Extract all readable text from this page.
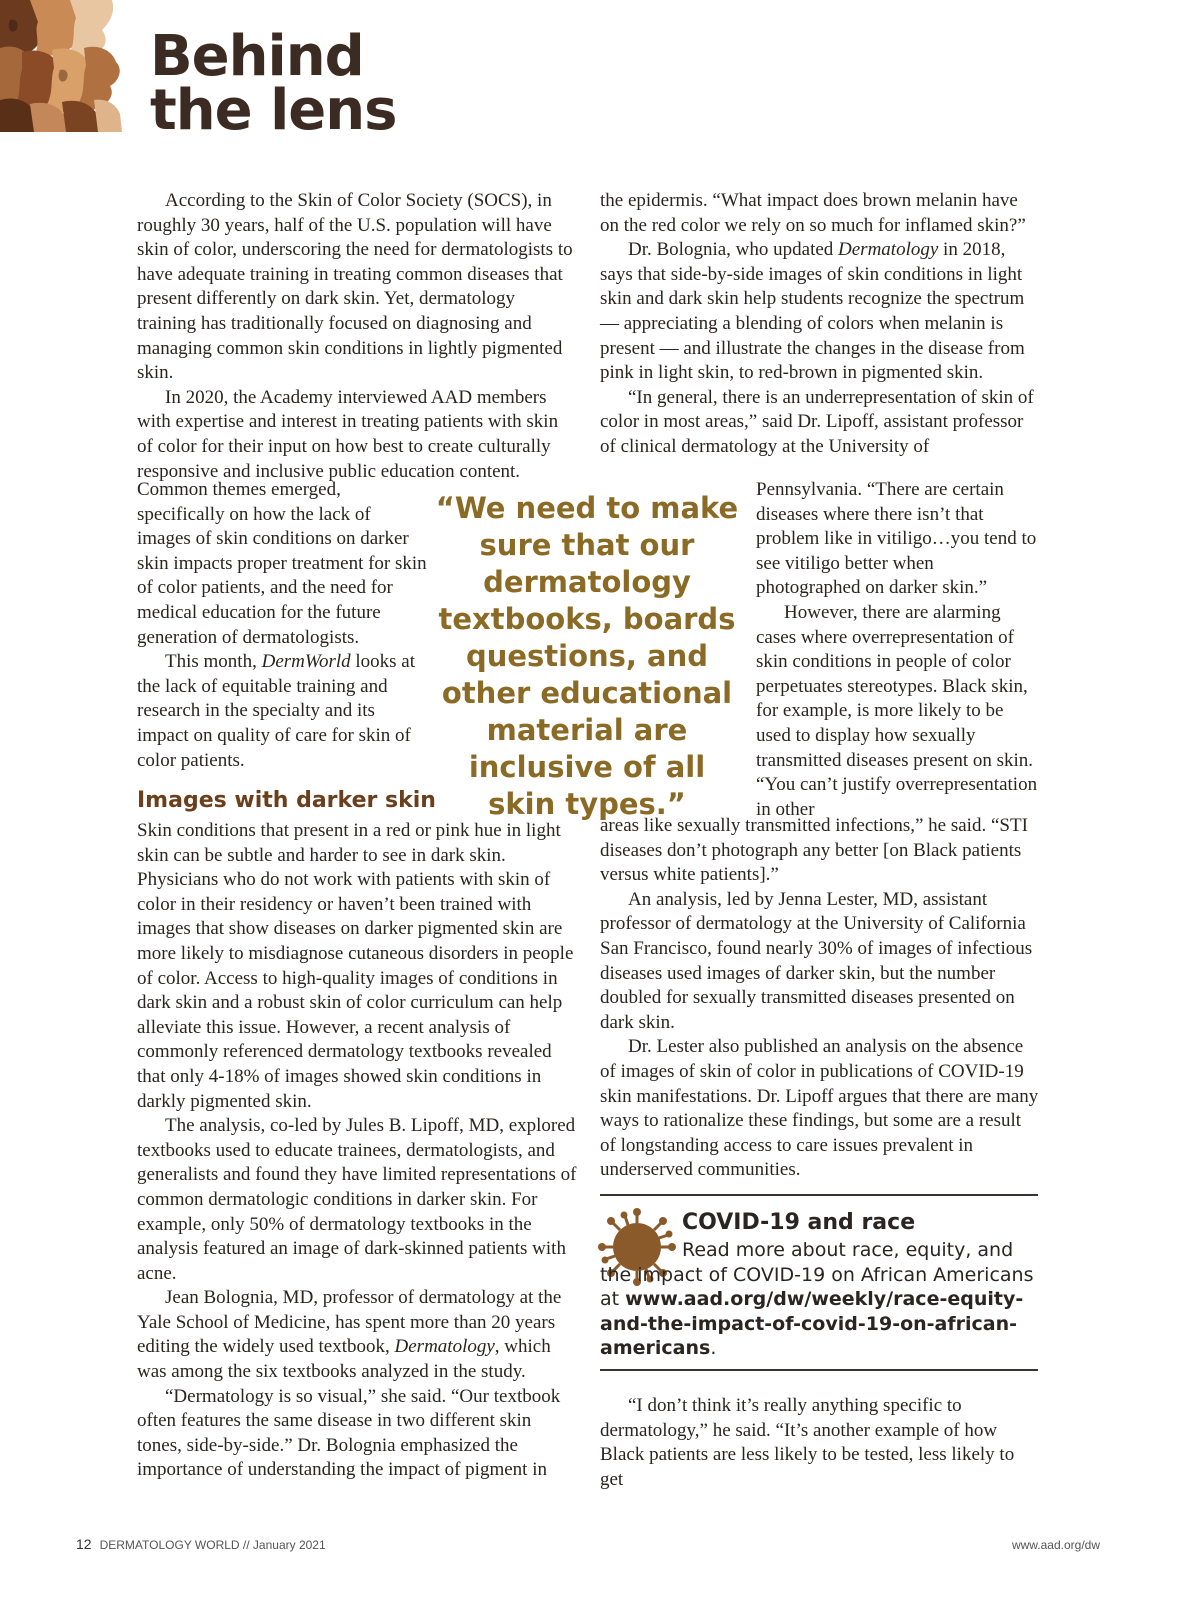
Behind
the lens

According to the Skin of Color Society (SOCS), in roughly 30 years, half of the U.S. population will have skin of color, underscoring the need for dermatologists to have adequate training in treating common diseases that present differently on dark skin. Yet, dermatology training has traditionally focused on diagnosing and managing common skin conditions in lightly pigmented skin.

In 2020, the Academy interviewed AAD members with expertise and interest in treating patients with skin of color for their input on how best to create culturally responsive and inclusive public education content.

Common themes emerged, specifically on how the lack of images of skin conditions on darker skin impacts proper treatment for skin of color patients, and the need for medical education for the future generation of dermatologists.

This month, DermWorld looks at the lack of equitable training and research in the specialty and its impact on quality of care for skin of color patients.

“We need to make sure that our dermatology textbooks, boards questions, and other educational material are inclusive of all skin types.”
Images with darker skin

Skin conditions that present in a red or pink hue in light skin can be subtle and harder to see in dark skin. Physicians who do not work with patients with skin of color in their residency or haven’t been trained with images that show diseases on darker pigmented skin are more likely to misdiagnose cutaneous disorders in people of color. Access to high-quality images of conditions in dark skin and a robust skin of color curriculum can help alleviate this issue. However, a recent analysis of commonly referenced dermatology textbooks revealed that only 4-18% of images showed skin conditions in darkly pigmented skin.

The analysis, co-led by Jules B. Lipoff, MD, explored textbooks used to educate trainees, dermatologists, and generalists and found they have limited representations of common dermatologic conditions in darker skin. For example, only 50% of dermatology textbooks in the analysis featured an image of dark-skinned patients with acne.

Jean Bolognia, MD, professor of dermatology at the Yale School of Medicine, has spent more than 20 years editing the widely used textbook, Dermatology, which was among the six textbooks analyzed in the study.

“Dermatology is so visual,” she said. “Our textbook often features the same disease in two different skin tones, side-by-side.” Dr. Bolognia emphasized the importance of understanding the impact of pigment in

the epidermis. “What impact does brown melanin have on the red color we rely on so much for inflamed skin?”

Dr. Bolognia, who updated Dermatology in 2018, says that side-by-side images of skin conditions in light skin and dark skin help students recognize the spectrum — appreciating a blending of colors when melanin is present — and illustrate the changes in the disease from pink in light skin, to red-brown in pigmented skin.

“In general, there is an underrepresentation of skin of color in most areas,” said Dr. Lipoff, assistant professor of clinical dermatology at the University of

Pennsylvania. “There are certain diseases where there isn’t that problem like in vitiligo…you tend to see vitiligo better when photographed on darker skin.”

However, there are alarming cases where overrepresentation of skin conditions in people of color perpetuates stereotypes. Black skin, for example, is more likely to be used to display how sexually transmitted diseases present on skin. “You can’t justify overrepresentation in other

areas like sexually transmitted infections,” he said. “STI diseases don’t photograph any better [on Black patients versus white patients].”

An analysis, led by Jenna Lester, MD, assistant professor of dermatology at the University of California San Francisco, found nearly 30% of images of infectious diseases used images of darker skin, but the number doubled for sexually transmitted diseases presented on dark skin.

Dr. Lester also published an analysis on the absence of images of skin of color in publications of COVID-19 skin manifestations. Dr. Lipoff argues that there are many ways to rationalize these findings, but some are a result of longstanding access to care issues prevalent in underserved communities.

COVID-19 and race
Read more about race, equity, and the impact of COVID-19 on African Americans at www.aad.org/dw/weekly/race-equity-and-the-impact-of-covid-19-on-african-americans.

“I don’t think it’s really anything specific to dermatology,” he said. “It’s another example of how Black patients are less likely to be tested, less likely to get

12 DERMATOLOGY WORLD // January 2021	www.aad.org/dw
